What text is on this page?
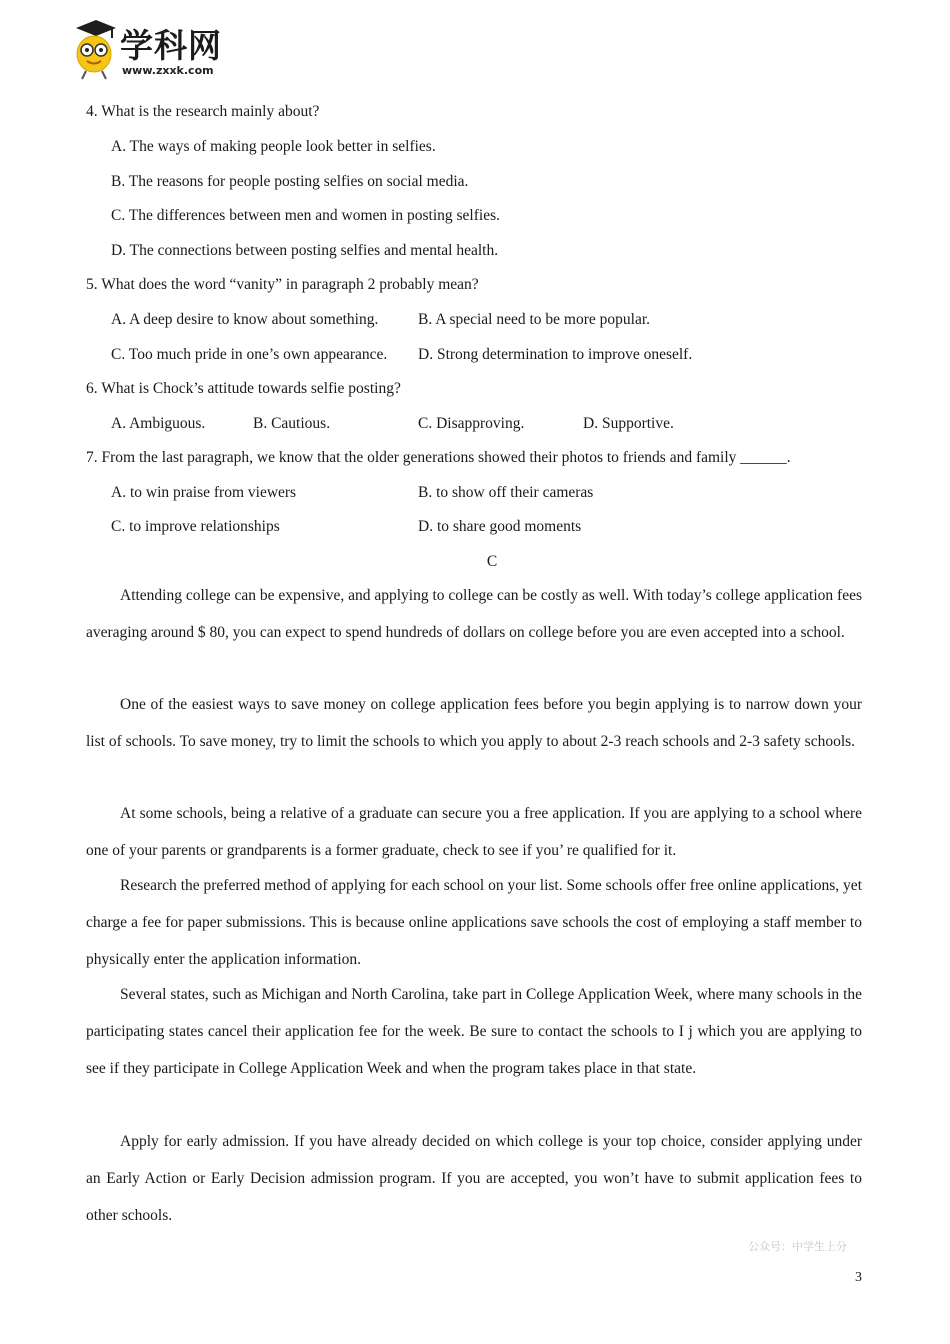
学科网
www.zxxk.com
4. What is the research mainly about?
A. The ways of making people look better in selfies.
B. The reasons for people posting selfies on social media.
C. The differences between men and women in posting selfies.
D. The connections between posting selfies and mental health.
5. What does the word “vanity” in paragraph 2 probably mean?
A. A deep desire to know about something.	B. A special need to be more popular.
C. Too much pride in one’s own appearance. D. Strong determination to improve oneself.
6. What is Chock’s attitude towards selfie posting?
A. Ambiguous.	B. Cautious.	C. Disapproving.	D. Supportive.
7. From the last paragraph, we know that the older generations showed their photos to friends and family ______.
A. to win praise from viewers	B. to show off their cameras
C. to improve relationships	D. to share good moments
C

Attending college can be expensive, and applying to college can be costly as well. With today’s college application fees averaging around $ 80, you can expect to spend hundreds of dollars on college before you are even accepted into a school.

One of the easiest ways to save money on college application fees before you begin applying is to narrow down your list of schools. To save money, try to limit the schools to which you apply to about 2-3 reach schools and 2-3 safety schools.

At some schools, being a relative of a graduate can secure you a free application. If you are applying to a school where one of your parents or grandparents is a former graduate, check to see if you’ re qualified for it.

Research the preferred method of applying for each school on your list. Some schools offer free online applications, yet charge a fee for paper submissions. This is because online applications save schools the cost of employing a staff member to physically enter the application information.

Several states, such as Michigan and North Carolina, take part in College Application Week, where many schools in the participating states cancel their application fee for the week. Be sure to contact the schools to I j which you are applying to see if they participate in College Application Week and when the program takes place in that state.

Apply for early admission. If you have already decided on which college is your top choice, consider applying under an Early Action or Early Decision admission program. If you are accepted, you won’t have to submit application fees to other schools.

公众号：中学生上分
3
